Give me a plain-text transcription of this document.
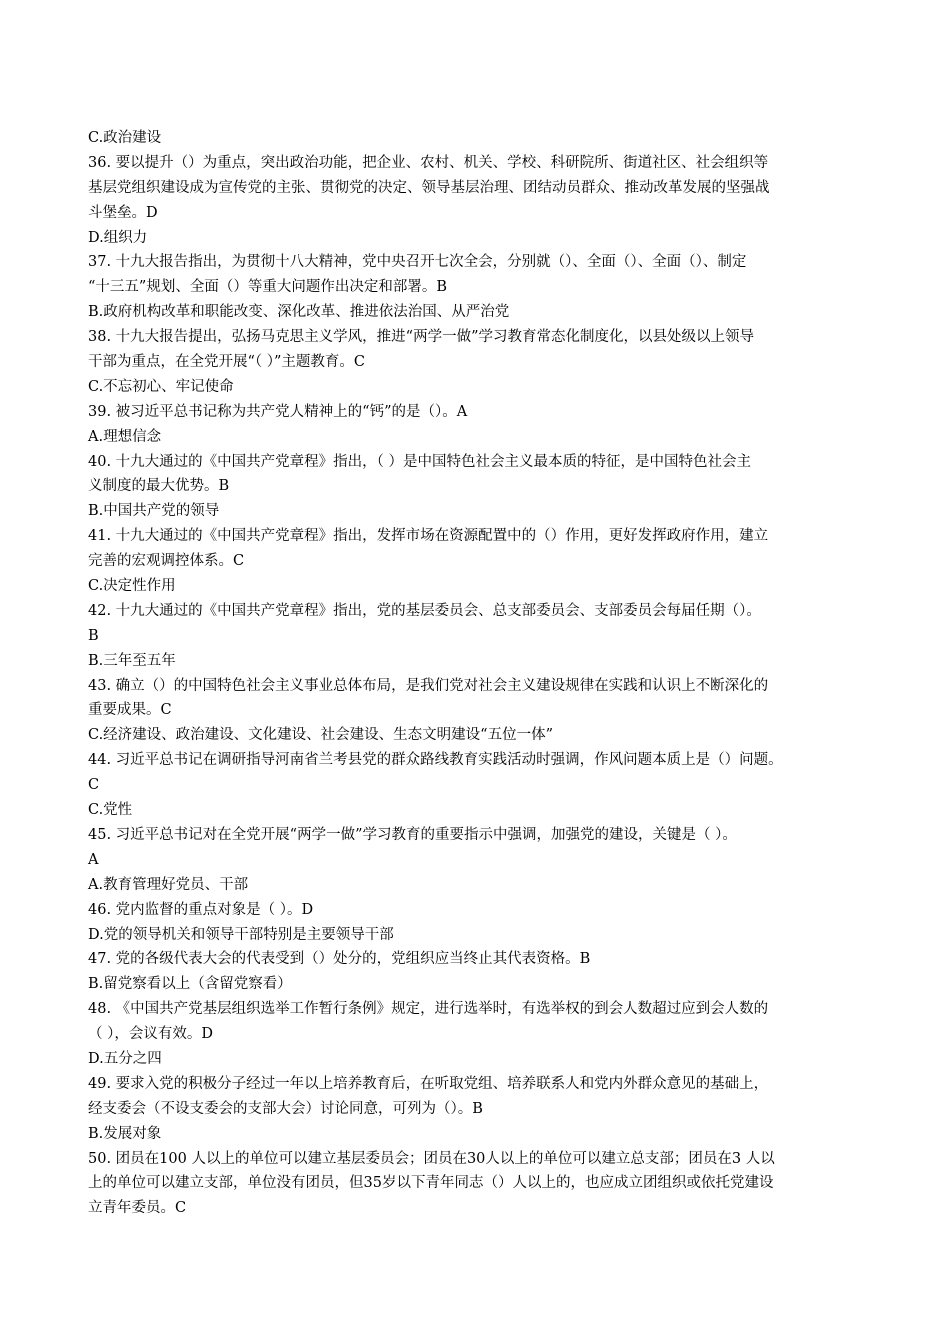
C.政治建设
36. 要以提升（）为重点，突出政治功能，把企业、农村、机关、学校、科研院所、街道社区、社会组织等
基层党组织建设成为宣传党的主张、贯彻党的决定、领导基层治理、团结动员群众、推动改革发展的坚强战
斗堡垒。D
D.组织力
37. 十九大报告指出，为贯彻十八大精神，党中央召开七次全会，分别就（）、全面（）、全面（）、制定
“十三五”规划、全面（）等重大问题作出决定和部署。B
B.政府机构改革和职能改变、深化改革、推进依法治国、从严治党
38. 十九大报告提出，弘扬马克思主义学风，推进“两学一做”学习教育常态化制度化，以县处级以上领导
干部为重点，在全党开展“（ ）”主题教育。C
C.不忘初心、牢记使命
39. 被习近平总书记称为共产党人精神上的“钙”的是（）。A
A.理想信念
40. 十九大通过的《中国共产党章程》指出，（ ）是中国特色社会主义最本质的特征，是中国特色社会主
义制度的最大优势。B
B.中国共产党的领导
41. 十九大通过的《中国共产党章程》指出，发挥市场在资源配置中的（）作用，更好发挥政府作用，建立
完善的宏观调控体系。C
C.决定性作用
42. 十九大通过的《中国共产党章程》指出，党的基层委员会、总支部委员会、支部委员会每届任期（）。
B
B.三年至五年
43. 确立（）的中国特色社会主义事业总体布局，是我们党对社会主义建设规律在实践和认识上不断深化的
重要成果。C
C.经济建设、政治建设、文化建设、社会建设、生态文明建设“五位一体”
44. 习近平总书记在调研指导河南省兰考县党的群众路线教育实践活动时强调，作风问题本质上是（）问题。
C
C.党性
45. 习近平总书记对在全党开展“两学一做”学习教育的重要指示中强调，加强党的建设，关键是（ ）。
A
A.教育管理好党员、干部
46. 党内监督的重点对象是（ ）。D
D.党的领导机关和领导干部特别是主要领导干部
47. 党的各级代表大会的代表受到（）处分的，党组织应当终止其代表资格。B
B.留党察看以上（含留党察看）
48. 《中国共产党基层组织选举工作暂行条例》规定，进行选举时，有选举权的到会人数超过应到会人数的
（ ），会议有效。D
D.五分之四
49. 要求入党的积极分子经过一年以上培养教育后，在听取党组、培养联系人和党内外群众意见的基础上，
经支委会（不设支委会的支部大会）讨论同意，可列为（）。B
B.发展对象
50. 团员在100 人以上的单位可以建立基层委员会；团员在30人以上的单位可以建立总支部；团员在3 人以
上的单位可以建立支部，单位没有团员，但35岁以下青年同志（）人以上的，也应成立团组织或依托党建设
立青年委员。C
